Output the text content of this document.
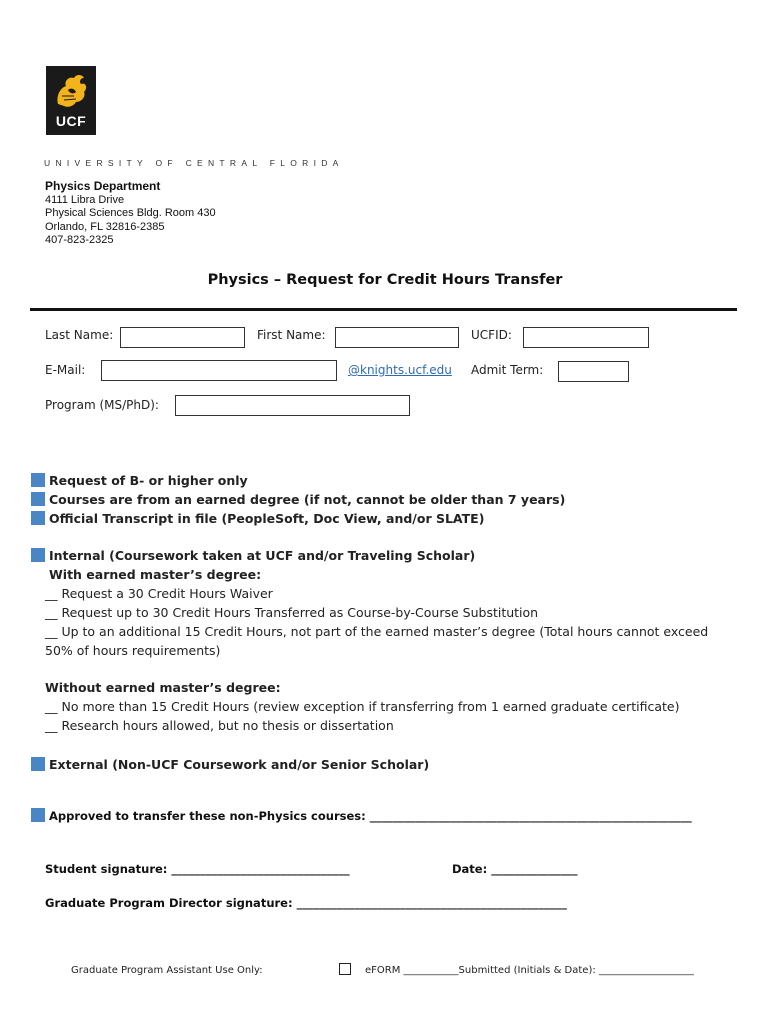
UCF
UNIVERSITY OF CENTRAL FLORIDA
Physics Department
4111 Libra Drive
Physical Sciences Bldg. Room 430
Orlando, FL 32816-2385
407-823-2325
Physics – Request for Credit Hours Transfer
Last Name:	First Name:	UCFID:
E-Mail:	@knights.ucf.edu Admit Term:
Program (MS/PhD):
Request of B- or higher only
Courses are from an earned degree (if not, cannot be older than 7 years)
Official Transcript in file (PeopleSoft, Doc View, and/or SLATE)
Internal (Coursework taken at UCF and/or Traveling Scholar)
With earned master’s degree:
__ Request a 30 Credit Hours Waiver
__ Request up to 30 Credit Hours Transferred as Course-by-Course Substitution
__ Up to an additional 15 Credit Hours, not part of the earned master’s degree (Total hours cannot exceed
50% of hours requirements)
Without earned master’s degree:
__ No more than 15 Credit Hours (review exception if transferring from 1 earned graduate certificate)
__ Research hours allowed, but no thesis or dissertation
External (Non-UCF Coursework and/or Senior Scholar)
Approved to transfer these non-Physics courses: ________________________________________________________
Student signature: _______________________________	Date: _______________
Graduate Program Director signature: _______________________________________________
Graduate Program Assistant Use Only:	eFORM ___________Submitted (Initials & Date): ___________________
